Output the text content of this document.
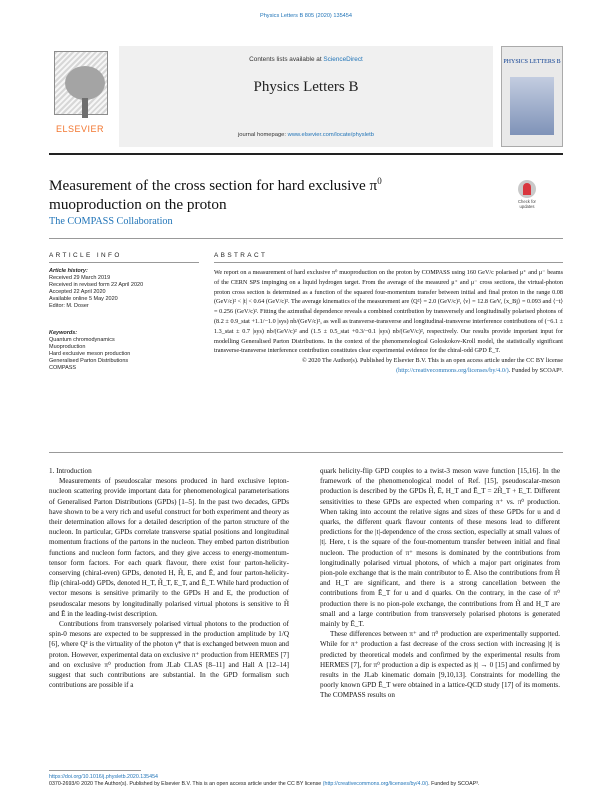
Physics Letters B 805 (2020) 135454
ELSEVIER
Contents lists available at ScienceDirect
Physics Letters B
journal homepage: www.elsevier.com/locate/physletb
PHYSICS LETTERS B
Measurement of the cross section for hard exclusive $\pi^0$
muoproduction on the proton	Check for updates
The COMPASS Collaboration
ARTICLE INFO	ABSTRACT
Article history:
Received 29 March 2019
Received in revised form 22 April 2020
Accepted 22 April 2020
Available online 5 May 2020
Editor: M. Doser
Keywords:
Quantum chromodynamics
Muoproduction
Hard exclusive meson production
Generalised Parton Distributions
COMPASS
We report on a measurement of hard exclusive π⁰ muoproduction on the proton by COMPASS using 160 GeV/c polarised μ⁺ and μ⁻ beams of the CERN SPS impinging on a liquid hydrogen target. From the average of the measured μ⁺ and μ⁻ cross sections, the virtual-photon proton cross section is determined as a function of the squared four-momentum transfer between initial and final proton in the range 0.08 (GeV/c)² < |t| < 0.64 (GeV/c)². The average kinematics of the measurement are ⟨Q²⟩ = 2.0 (GeV/c)², ⟨ν⟩ = 12.8 GeV, ⟨x_Bj⟩ = 0.093 and ⟨−t⟩ = 0.256 (GeV/c)². Fitting the azimuthal dependence reveals a combined contribution by transversely and longitudinally polarised photons of (8.2 ± 0.9_stat +1.1/−1.0 |sys) nb/(GeV/c)², as well as transverse-transverse and longitudinal-transverse interference contributions of (−6.1 ± 1.3_stat ± 0.7 |sys) nb/(GeV/c)² and (1.5 ± 0.5_stat +0.3/−0.1 |sys) nb/(GeV/c)², respectively. Our results provide important input for modelling Generalised Parton Distributions. In the context of the phenomenological Goloskokov-Kroll model, the statistically significant transverse-transverse interference contribution constitutes clear experimental evidence for the chiral-odd GPD Ē_T.
© 2020 The Author(s). Published by Elsevier B.V. This is an open access article under the CC BY license (http://creativecommons.org/licenses/by/4.0/). Funded by SCOAP³.

1. Introduction

Measurements of pseudoscalar mesons produced in hard exclusive lepton-nucleon scattering provide important data for phenomenological parameterisations of Generalised Parton Distributions (GPDs) [1–5]. In the past two decades, GPDs have shown to be a very rich and useful construct for both experiment and theory as their determination allows for a detailed description of the parton structure of the nucleon. In particular, GPDs correlate transverse spatial positions and longitudinal momentum fractions of the partons in the nucleon. They embed parton distribution functions and nucleon form factors, and they give access to energy-momentum-tensor form factors. For each quark flavour, there exist four parton-helicity-conserving (chiral-even) GPDs, denoted H, H̃, E, and Ẽ, and four parton-helicity-flip (chiral-odd) GPDs, denoted H_T, H̃_T, E_T, and Ẽ_T. While hard production of vector mesons is sensitive primarily to the GPDs H and E, the production of pseudoscalar mesons by longitudinally polarised virtual photons is sensitive to H̃ and Ẽ in the leading-twist description.

Contributions from transversely polarised virtual photons to the production of spin-0 mesons are expected to be suppressed in the production amplitude by 1/Q [6], where Q² is the virtuality of the photon γ* that is exchanged between muon and proton. However, experimental data on exclusive π⁺ production from HERMES [7] and on exclusive π⁰ production from JLab CLAS [8–11] and Hall A [12–14] suggest that such contributions are substantial. In the GPD formalism such contributions are possible if a

quark helicity-flip GPD couples to a twist-3 meson wave function [15,16]. In the framework of the phenomenological model of Ref. [15], pseudoscalar-meson production is described by the GPDs H̃, Ẽ, H_T and Ē_T = 2H̃_T + E_T. Different sensitivities to these GPDs are expected when comparing π⁺ vs. π⁰ production. When taking into account the relative signs and sizes of these GPDs for u and d quarks, the different quark flavour contents of these mesons lead to different predictions for the |t|-dependence of the cross section, especially at small values of |t|. Here, t is the square of the four-momentum transfer between initial and final nucleon. The production of π⁺ mesons is dominated by the contributions from longitudinally polarised virtual photons, of which a major part originates from pion-pole exchange that is the main contributor to Ẽ. Also the contributions from H̃ and H_T are significant, and there is a strong cancellation between the contributions from Ē_T for u and d quarks. On the contrary, in the case of π⁰ production there is no pion-pole exchange, the contributions from H̃ and H_T are small and a large contribution from transversely polarised photons is generated mainly by Ē_T.

These differences between π⁺ and π⁰ production are experimentally supported. While for π⁺ production a fast decrease of the cross section with increasing |t| is predicted by theoretical models and confirmed by the experimental results from HERMES [7], for π⁰ production a dip is expected as |t| → 0 [15] and confirmed by results in the JLab kinematic domain [9,10,13]. Constraints for modelling the poorly known GPD Ē_T were obtained in a lattice-QCD study [17] of its moments. The COMPASS results on

https://doi.org/10.1016/j.physletb.2020.135454
0370-2693/© 2020 The Author(s). Published by Elsevier B.V. This is an open access article under the CC BY license (http://creativecommons.org/licenses/by/4.0/). Funded by SCOAP³.
